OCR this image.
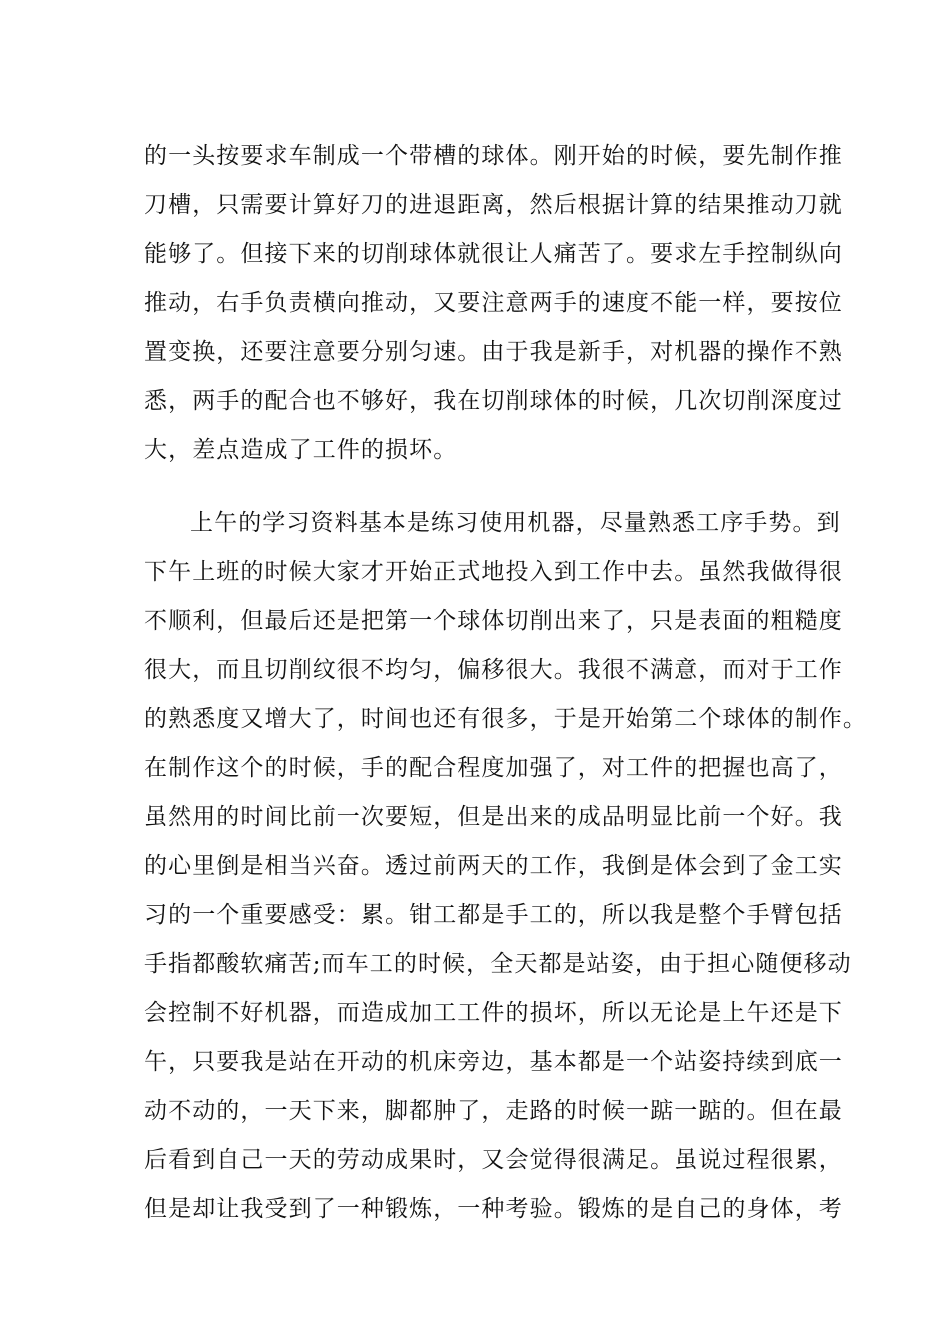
的一头按要求车制成一个带槽的球体。刚开始的时候，要先制作推
刀槽，只需要计算好刀的进退距离，然后根据计算的结果推动刀就
能够了。但接下来的切削球体就很让人痛苦了。要求左手控制纵向
推动，右手负责横向推动，又要注意两手的速度不能一样，要按位
置变换，还要注意要分别匀速。由于我是新手，对机器的操作不熟
悉，两手的配合也不够好，我在切削球体的时候，几次切削深度过
大，差点造成了工件的损坏。
上午的学习资料基本是练习使用机器，尽量熟悉工序手势。到
下午上班的时候大家才开始正式地投入到工作中去。虽然我做得很
不顺利，但最后还是把第一个球体切削出来了，只是表面的粗糙度
很大，而且切削纹很不均匀，偏移很大。我很不满意，而对于工作
的熟悉度又增大了，时间也还有很多，于是开始第二个球体的制作。
在制作这个的时候，手的配合程度加强了，对工件的把握也高了，
虽然用的时间比前一次要短，但是出来的成品明显比前一个好。我
的心里倒是相当兴奋。透过前两天的工作，我倒是体会到了金工实
习的一个重要感受：累。钳工都是手工的，所以我是整个手臂包括
手指都酸软痛苦;而车工的时候，全天都是站姿，由于担心随便移动
会控制不好机器，而造成加工工件的损坏，所以无论是上午还是下
午，只要我是站在开动的机床旁边，基本都是一个站姿持续到底一
动不动的，一天下来，脚都肿了，走路的时候一踮一踮的。但在最
后看到自己一天的劳动成果时，又会觉得很满足。虽说过程很累，
但是却让我受到了一种锻炼，一种考验。锻炼的是自己的身体，考
